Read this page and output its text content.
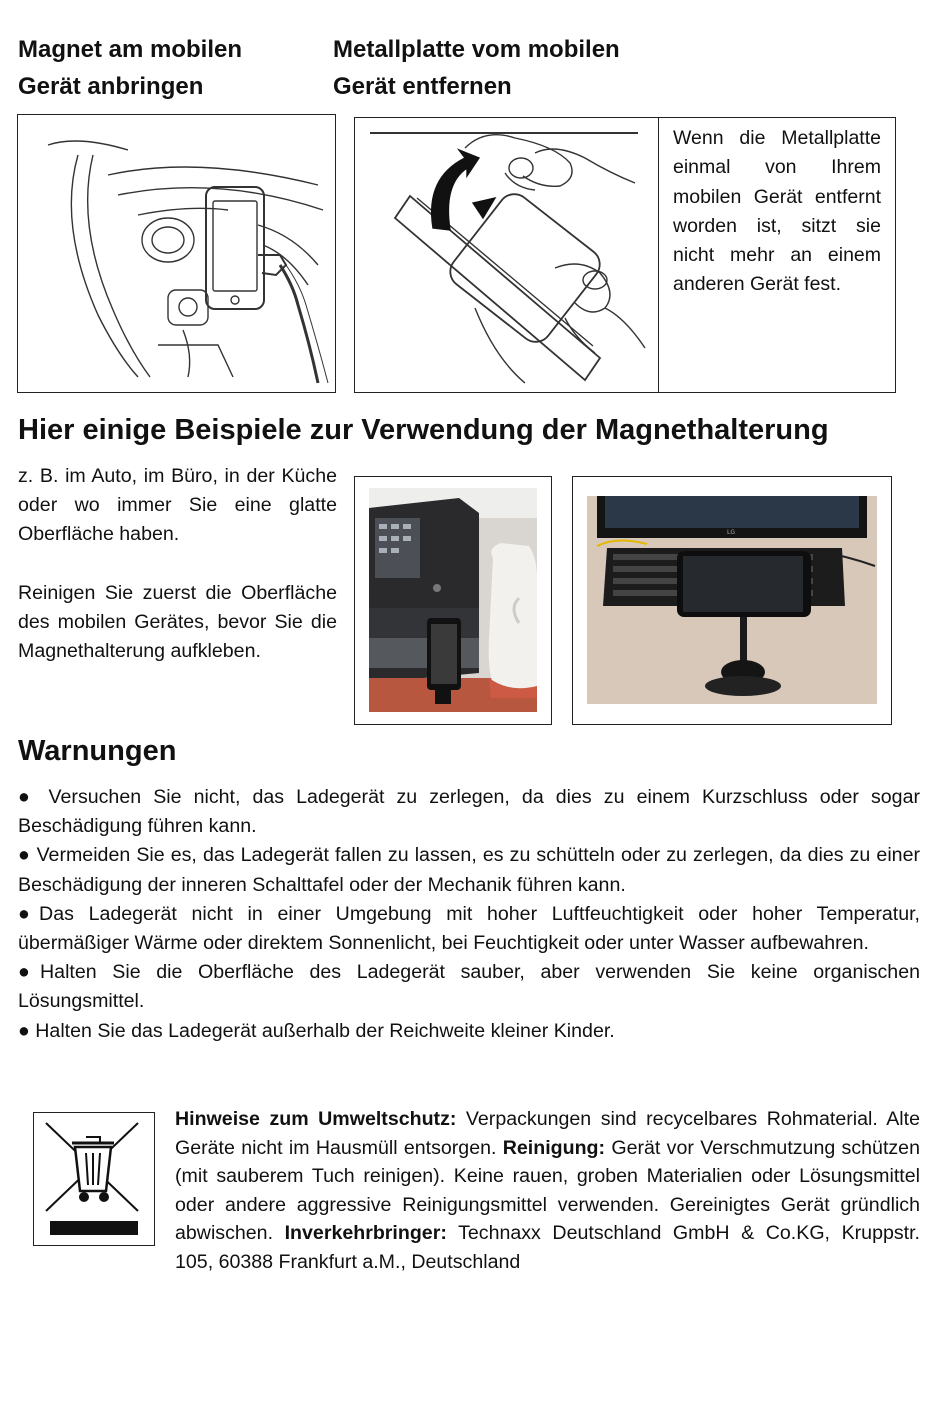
Magnet am mobilen
Gerät anbringen
Metallplatte vom mobilen
Gerät entfernen
Wenn die Metallplatte einmal von Ihrem mobilen Gerät entfernt worden ist, sitzt sie nicht mehr an einem anderen Gerät fest.
Hier einige Beispiele zur Verwendung der Magnethalterung
z. B. im Auto, im Büro, in der Küche oder wo immer Sie eine glatte Oberfläche haben.
Reinigen Sie zuerst die Oberfläche des mobilen Gerätes, bevor Sie die Magnethalterung aufkleben.
LG
Warnungen

● Versuchen Sie nicht, das Ladegerät zu zerlegen, da dies zu einem Kurzschluss oder sogar Beschädigung führen kann.

● Vermeiden Sie es, das Ladegerät fallen zu lassen, es zu schütteln oder zu zerlegen, da dies zu einer Beschädigung der inneren Schalttafel oder der Mechanik führen kann.

●Das Ladegerät nicht in einer Umgebung mit hoher Luftfeuchtigkeit oder hoher Temperatur, übermäßiger Wärme oder direktem Sonnenlicht, bei Feuchtigkeit oder unter Wasser aufbewahren.

●Halten Sie die Oberfläche des Ladegerät sauber, aber verwenden Sie keine organischen Lösungsmittel.

● Halten Sie das Ladegerät außerhalb der Reichweite kleiner Kinder.

Hinweise zum Umweltschutz: Verpackungen sind recycelbares Rohmaterial. Alte Geräte nicht im Hausmüll entsorgen. Reinigung: Gerät vor Verschmutzung schützen (mit sauberem Tuch reinigen). Keine rauen, groben Materialien oder Lösungsmittel oder andere aggressive Reinigungsmittel verwenden. Gereinigtes Gerät gründlich abwischen. Inverkehrbringer: Technaxx Deutschland GmbH & Co.KG, Kruppstr. 105, 60388 Frankfurt a.M., Deutschland
